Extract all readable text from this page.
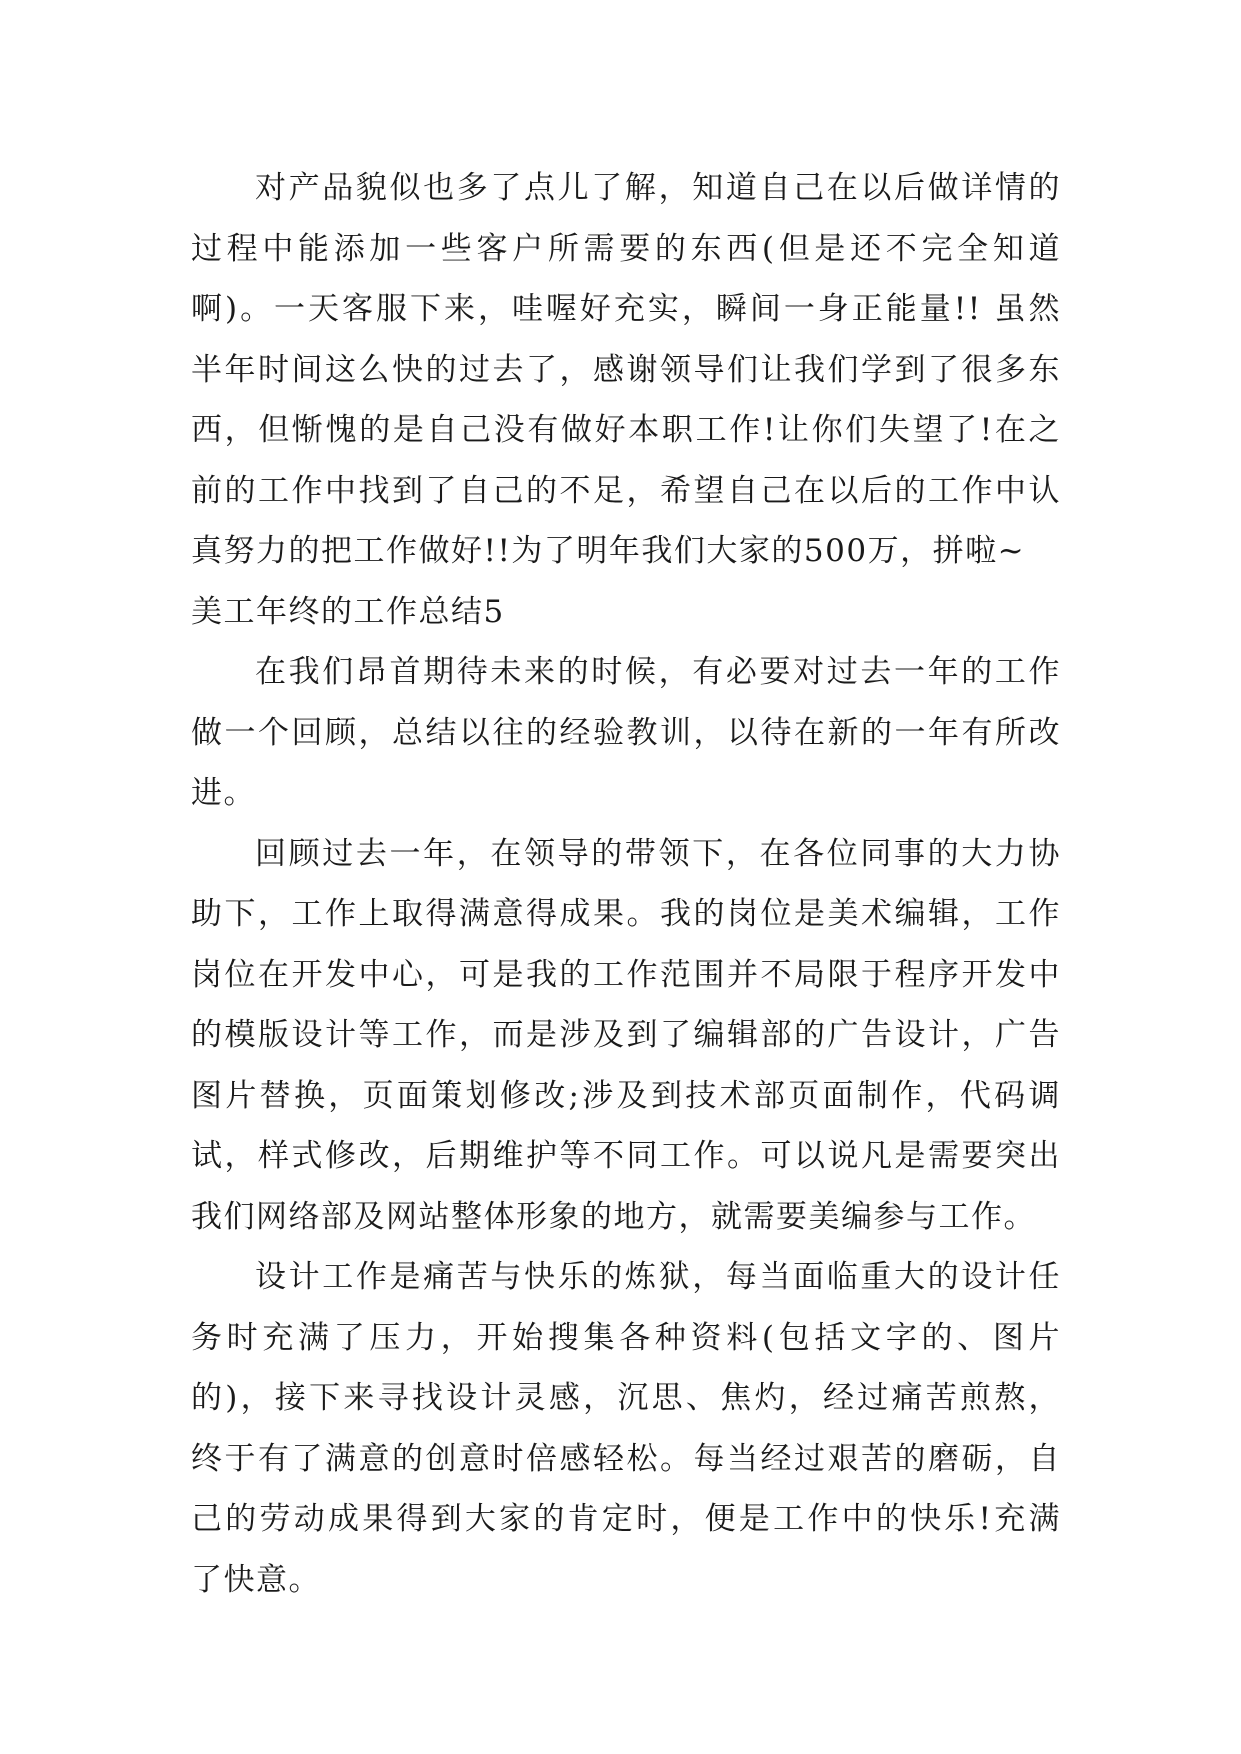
对产品貌似也多了点儿了解，知道自己在以后做详情的
过程中能添加一些客户所需要的东西(但是还不完全知道
啊)。一天客服下来，哇喔好充实，瞬间一身正能量!! 虽然
半年时间这么快的过去了，感谢领导们让我们学到了很多东
西，但惭愧的是自己没有做好本职工作!让你们失望了!在之
前的工作中找到了自己的不足，希望自己在以后的工作中认
真努力的把工作做好!!为了明年我们大家的500万，拼啦~
美工年终的工作总结5
在我们昂首期待未来的时候，有必要对过去一年的工作
做一个回顾，总结以往的经验教训，以待在新的一年有所改
进。
回顾过去一年，在领导的带领下，在各位同事的大力协
助下，工作上取得满意得成果。我的岗位是美术编辑，工作
岗位在开发中心，可是我的工作范围并不局限于程序开发中
的模版设计等工作，而是涉及到了编辑部的广告设计，广告
图片替换，页面策划修改;涉及到技术部页面制作，代码调
试，样式修改，后期维护等不同工作。可以说凡是需要突出
我们网络部及网站整体形象的地方，就需要美编参与工作。
设计工作是痛苦与快乐的炼狱，每当面临重大的设计任
务时充满了压力，开始搜集各种资料(包括文字的、图片
的)，接下来寻找设计灵感，沉思、焦灼，经过痛苦煎熬，
终于有了满意的创意时倍感轻松。每当经过艰苦的磨砺，自
己的劳动成果得到大家的肯定时，便是工作中的快乐!充满
了快意。
